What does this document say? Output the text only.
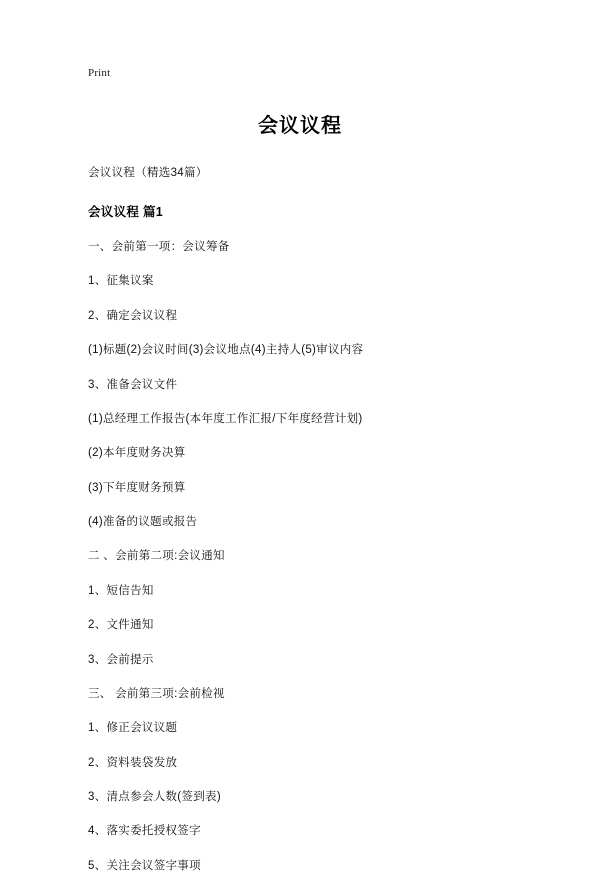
Print
会议议程
会议议程（精选34篇）
会议议程 篇1

一、会前第一项：会议筹备

1、征集议案

2、确定会议议程

(1)标题(2)会议时间(3)会议地点(4)主持人(5)审议内容

3、准备会议文件

(1)总经理工作报告(本年度工作汇报/下年度经营计划)

(2)本年度财务决算

(3)下年度财务预算

(4)准备的议题或报告

二 、会前第二项:会议通知

1、短信告知

2、文件通知

3、会前提示

三、 会前第三项:会前检视

1、修正会议议题

2、资料装袋发放

3、清点参会人数(签到表)

4、落实委托授权签字

5、关注会议签字事项
